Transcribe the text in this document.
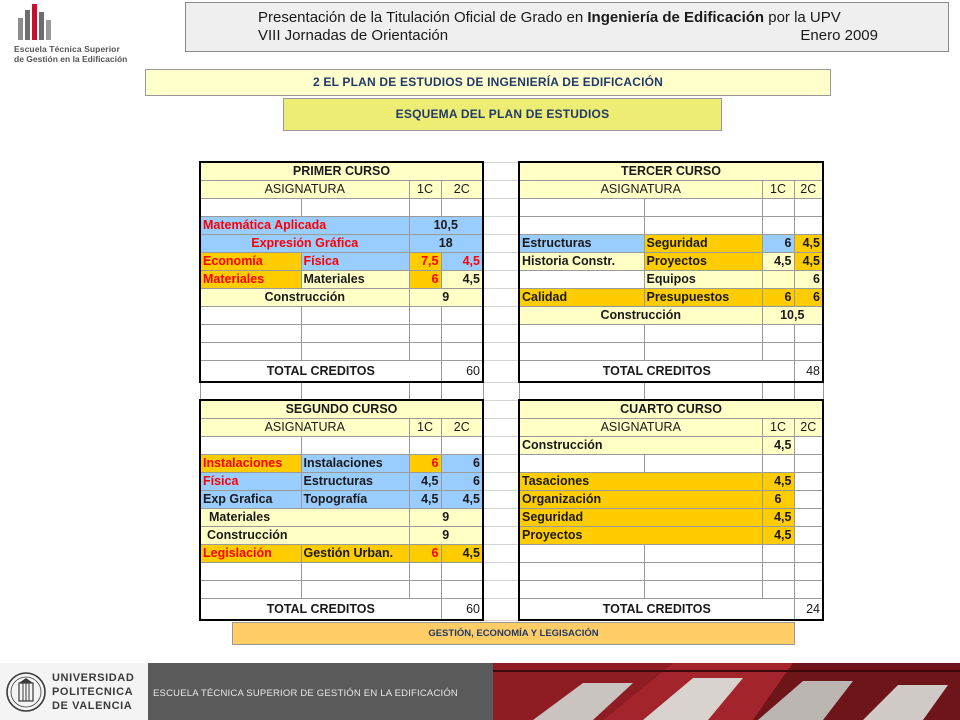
Escuela Técnica Superior
de Gestión en la Edificación
Presentación de la Titulación Oficial de Grado en Ingeniería de Edificación por la UPV
VIII Jornadas de Orientación	Enero 2009
2 EL PLAN DE ESTUDIOS DE INGENIERÍA DE EDIFICACIÓN
ESQUEMA DEL PLAN DE ESTUDIOS
PRIMER CURSO					TERCER CURSO			
ASIGNATURA		1C	2C		ASIGNATURA		1C	2C

Matemática Aplicada		10,5						
Expresión Gráfica		18			Estructuras	Seguridad	6	4,5
Economía	Física	7,5	4,5		Historia Constr.	Proyectos	4,5	4,5
Materiales	Materiales	6	4,5			Equipos		6
Construcción		9			Calidad	Presupuestos	6	6
					Construcción		10,5	

TOTAL CREDITOS			60		TOTAL CREDITOS			48

SEGUNDO CURSO					CUARTO CURSO			
ASIGNATURA		1C	2C		ASIGNATURA		1C	2C
					Construcción		4,5	
Instalaciones	Instalaciones	6	6					
Física	Estructuras	4,5	6		Tasaciones		4,5	
Exp Grafica	Topografía	4,5	4,5		Organización		6	
Materiales		9			Seguridad		4,5	
Construcción		9			Proyectos		4,5	
Legislación	Gestión Urban.	6	4,5					

TOTAL CREDITOS			60		TOTAL CREDITOS			24
GESTIÓN, ECONOMÍA Y LEGISACIÓN
UNIVERSIDAD
POLITECNICA
DE VALENCIA
ESCUELA TÉCNICA SUPERIOR DE GESTIÓN EN LA EDIFICACIÓN
